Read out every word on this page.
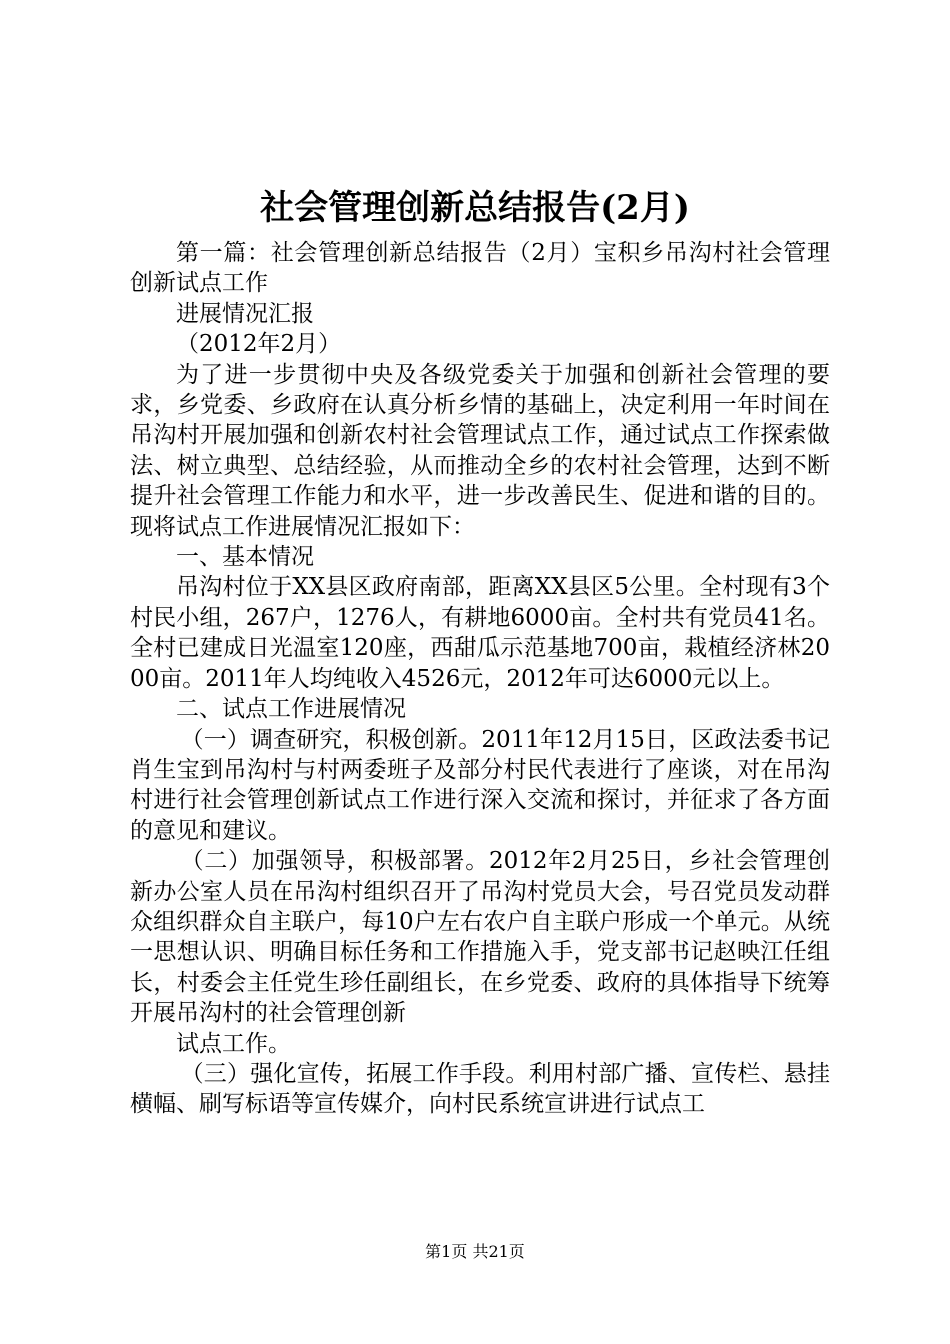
社会管理创新总结报告(2月)

第一篇：社会管理创新总结报告（2月）宝积乡吊沟村社会管理创新试点工作

进展情况汇报

（2012年2月）

为了进一步贯彻中央及各级党委关于加强和创新社会管理的要求，乡党委、乡政府在认真分析乡情的基础上，决定利用一年时间在吊沟村开展加强和创新农村社会管理试点工作，通过试点工作探索做法、树立典型、总结经验，从而推动全乡的农村社会管理，达到不断提升社会管理工作能力和水平，进一步改善民生、促进和谐的目的。现将试点工作进展情况汇报如下：

一、基本情况

吊沟村位于XX县区政府南部，距离XX县区5公里。全村现有3个村民小组，267户，1276人，有耕地6000亩。全村共有党员41名。全村已建成日光温室120座，西甜瓜示范基地700亩，栽植经济林2000亩。2011年人均纯收入4526元，2012年可达6000元以上。

二、试点工作进展情况

（一）调查研究，积极创新。2011年12月15日，区政法委书记肖生宝到吊沟村与村两委班子及部分村民代表进行了座谈，对在吊沟村进行社会管理创新试点工作进行深入交流和探讨，并征求了各方面的意见和建议。

（二）加强领导，积极部署。2012年2月25日，乡社会管理创新办公室人员在吊沟村组织召开了吊沟村党员大会，号召党员发动群众组织群众自主联户，每10户左右农户自主联户形成一个单元。从统一思想认识、明确目标任务和工作措施入手，党支部书记赵映江任组长，村委会主任党生珍任副组长，在乡党委、政府的具体指导下统筹开展吊沟村的社会管理创新

试点工作。

（三）强化宣传，拓展工作手段。利用村部广播、宣传栏、悬挂横幅、刷写标语等宣传媒介，向村民系统宣讲进行试点工

第1页 共21页
